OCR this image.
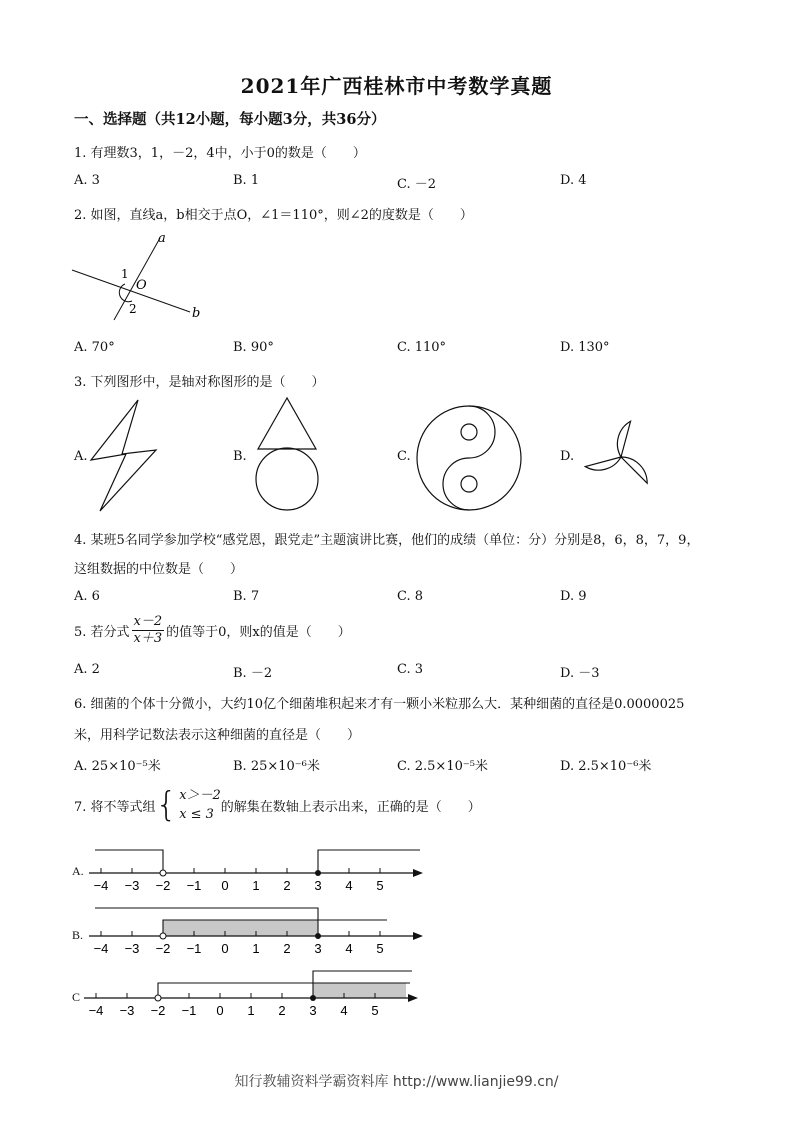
2021年广西桂林市中考数学真题
一、选择题（共12小题，每小题3分，共36分）
1. 有理数3，1，－2，4中，小于0的数是（　　）
A. 3	B. 1	C. －2	D. 4
2. 如图，直线a，b相交于点O，∠1＝110°，则∠2的度数是（　　）
a
b
1
2
O
A. 70°	B. 90°	C. 110°	D. 130°
3. 下列图形中，是轴对称图形的是（　　）
A.	B.	C.	D.
4. 某班5名同学参加学校“感党恩，跟党走”主题演讲比赛，他们的成绩（单位：分）分别是8，6，8，7，9，
这组数据的中位数是（　　）
A. 6	B. 7	C. 8	D. 9
5. 若分式 $\frac{x-2}{x+3}$ 的值等于0，则x的值是（　　）
A. 2	B. －2	C. 3	D. －3
6. 细菌的个体十分微小，大约10亿个细菌堆积起来才有一颗小米粒那么大．某种细菌的直径是0.0000025
米，用科学记数法表示这种细菌的直径是（　　）
A. 25×10⁻⁵米	B. 25×10⁻⁶米	C. 2.5×10⁻⁵米	D. 2.5×10⁻⁶米
7. 将不等式组 { x＞－2
x ≤ 3 的解集在数轴上表示出来，正确的是（　　）
A.
B.
C
−4 −3 −2 −1 0 1 2 3 4 5
−4 −3 −2 −1 0 1 2 3 4 5
−4 −3 −2 −1 0 1 2 3 4 5
知行教辅资料学霸资料库 http://www.lianjie99.cn/
